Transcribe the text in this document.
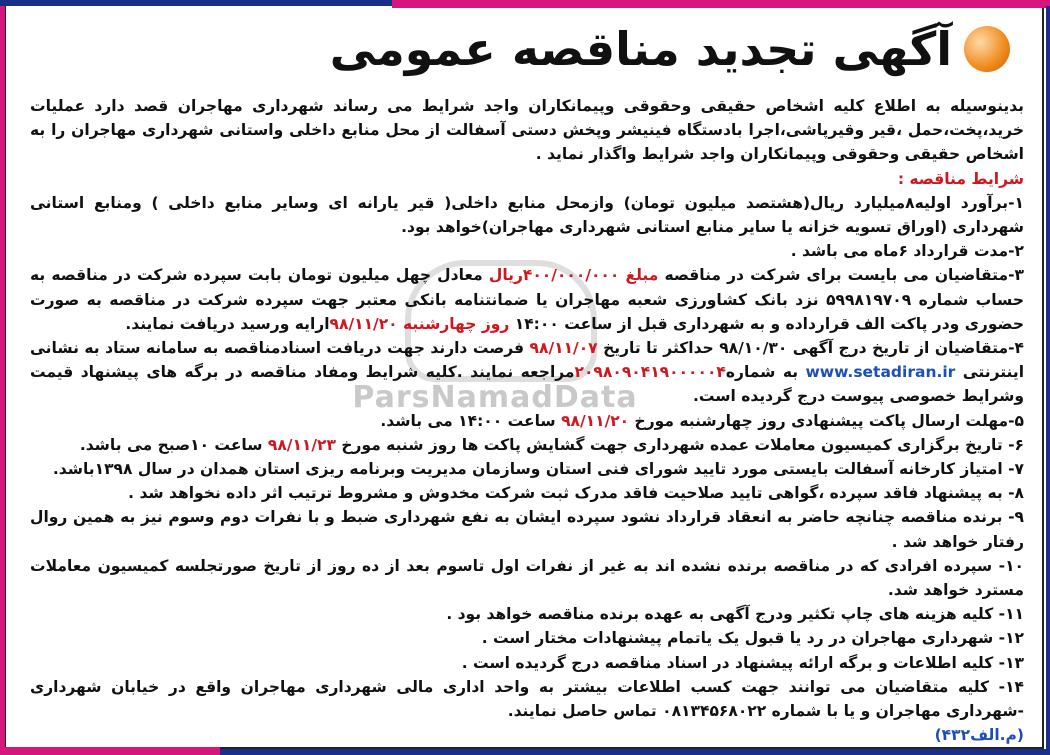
آگهی تجدید مناقصه عمومی
ParsNamadData

بدینوسیله به اطلاع کلیه اشخاص حقیقی وحقوقی وپیمانکاران واجد شرایط می رساند شهرداری مهاجران قصد دارد عملیات خرید،پخت،حمل ،قیر وقیرپاشی،اجرا بادستگاه فینیشر وپخش دستی آسفالت از محل منابع داخلی واستانی شهرداری مهاجران را به اشخاص حقیقی وحقوقی وپیمانکاران واجد شرایط واگذار نماید .

شرایط مناقصه :

۱-برآورد اولیه۸میلیارد ریال(هشتصد میلیون تومان) وازمحل منابع داخلی( قیر یارانه ای وسایر منابع داخلی ) ومنابع استانی شهرداری (اوراق تسویه خزانه یا سایر منابع استانی شهرداری مهاجران)خواهد بود.

۲-مدت قرارداد ۶ماه می باشد .

۳-متقاضیان می بایست برای شرکت در مناقصه مبلغ ۴۰۰/۰۰۰/۰۰۰ریال معادل چهل میلیون تومان بابت سپرده شرکت در مناقصه به حساب شماره ۵۹۹۸۱۹۷۰۹ نزد بانک کشاورزی شعبه مهاجران یا ضمانتنامه بانکی معتبر جهت سپرده شرکت در مناقصه به صورت حضوری ودر پاکت الف قرارداده و به شهرداری قبل از ساعت ۱۴:۰۰ روز چهارشنبه ۹۸/۱۱/۲۰ارایه ورسید دریافت نمایند.

۴-متقاضیان از تاریخ درج آگهی ۹۸/۱۰/۳۰ حداکثر تا تاریخ ۹۸/۱۱/۰۷ فرصت دارند جهت دریافت اسنادمناقصه به سامانه ستاد به نشانی اینترنتی www.setadiran.ir به شماره۲۰۹۸۰۹۰۴۱۹۰۰۰۰۰۴مراجعه نمایند .کلیه شرایط ومفاد مناقصه در برگه های پیشنهاد قیمت وشرایط خصوصی پیوست درج گردیده است.

۵-مهلت ارسال پاکت پیشنهادی روز چهارشنبه مورخ ۹۸/۱۱/۲۰ ساعت ۱۴:۰۰ می باشد.

۶- تاریخ برگزاری کمیسیون معاملات عمده شهرداری جهت گشایش پاکت ها روز شنبه مورخ ۹۸/۱۱/۲۳ ساعت ۱۰صبح می باشد.

۷- امتیاز کارخانه آسفالت بایستی مورد تایید شورای فنی استان وسازمان مدیریت وبرنامه ریزی استان همدان در سال ۱۳۹۸باشد.

۸- به پیشنهاد فاقد سپرده ،گواهی تایید صلاحیت فاقد مدرک ثبت شرکت مخدوش و مشروط ترتیب اثر داده نخواهد شد .

۹- برنده مناقصه چنانچه حاضر به انعقاد قرارداد نشود سپرده ایشان به نفع شهرداری ضبط و با نفرات دوم وسوم نیز به همین روال رفتار خواهد شد .

۱۰- سپرده افرادی که در مناقصه برنده نشده اند به غیر از نفرات اول تاسوم بعد از ده روز از تاریخ صورتجلسه کمیسیون معاملات مسترد خواهد شد.

۱۱- کلیه هزینه های چاپ تکثیر ودرج آگهی به عهده برنده مناقصه خواهد بود .

۱۲- شهرداری مهاجران در رد یا قبول یک یاتمام پیشنهادات مختار است .

۱۳- کلیه اطلاعات و برگه ارائه پیشنهاد در اسناد مناقصه درج گردیده است .

۱۴- کلیه متقاضیان می توانند جهت کسب اطلاعات بیشتر به واحد اداری مالی شهرداری مهاجران واقع در خیابان شهرداری -شهرداری مهاجران و یا با شماره ۰۸۱۳۴۵۶۸۰۲۲ تماس حاصل نمایند.

(م.الف۴۳۲)
